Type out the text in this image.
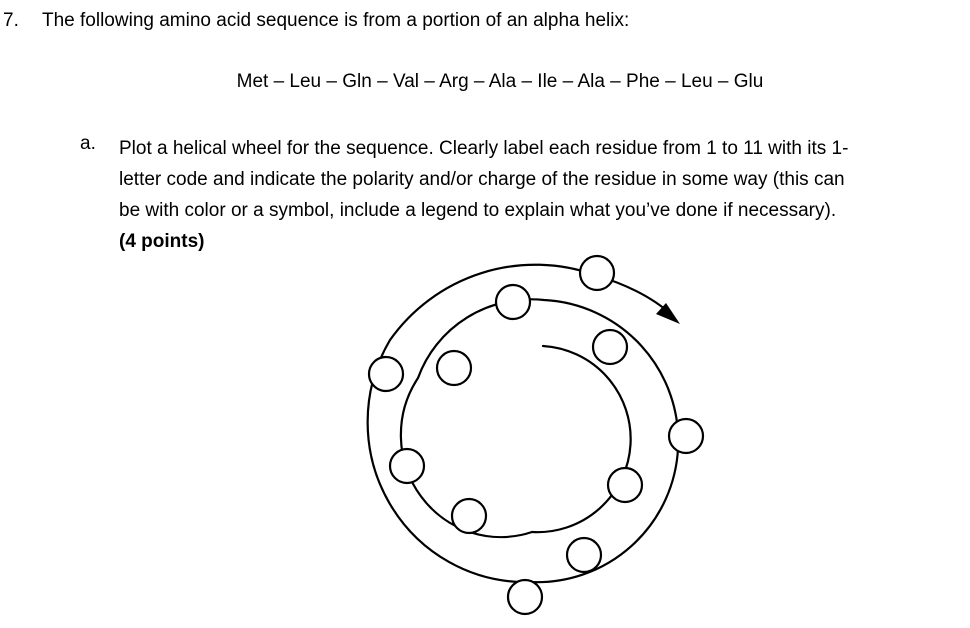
7. The following amino acid sequence is from a portion of an alpha helix:
Met – Leu – Gln – Val – Arg – Ala – Ile – Ala – Phe – Leu – Glu
a. Plot a helical wheel for the sequence. Clearly label each residue from 1 to 11 with its 1-
letter code and indicate the polarity and/or charge of the residue in some way (this can
be with color or a symbol, include a legend to explain what you’ve done if necessary).
(4 points)
